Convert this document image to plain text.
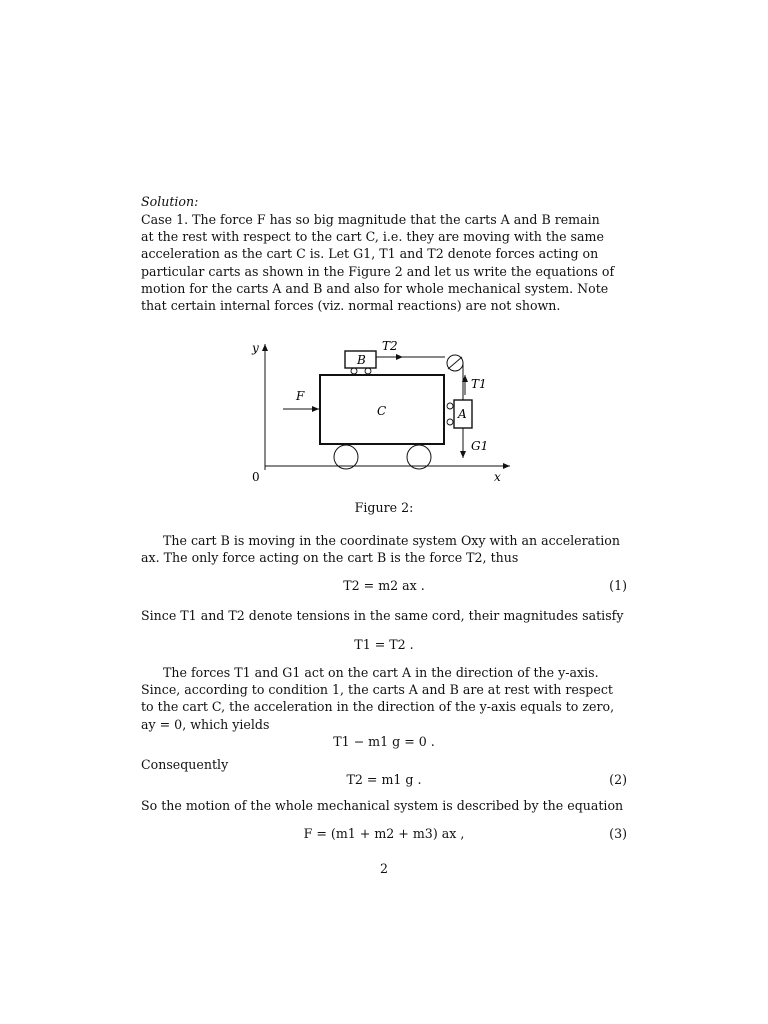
Solution:

Case 1. The force F has so big magnitude that the carts A and B remain
at the rest with respect to the cart C, i.e. they are moving with the same
acceleration as the cart C is. Let G1, T1 and T2 denote forces acting on
particular carts as shown in the Figure 2 and let us write the equations of
motion for the carts A and B and also for whole mechanical system. Note
that certain internal forces (viz. normal reactions) are not shown.
y
0	x
C
B
T2
T1
A
G1
F
Figure 2:
The cart B is moving in the coordinate system Oxy with an acceleration
ax. The only force acting on the cart B is the force T2, thus
T2 = m2 ax .	(1)
Since T1 and T2 denote tensions in the same cord, their magnitudes satisfy
T1 = T2 .
The forces T1 and G1 act on the cart A in the direction of the y-axis.
Since, according to condition 1, the carts A and B are at rest with respect
to the cart C, the acceleration in the direction of the y-axis equals to zero,
ay = 0, which yields
T1 − m1 g = 0 .
Consequently
T2 = m1 g .	(2)
So the motion of the whole mechanical system is described by the equation
F = (m1 + m2 + m3) ax ,	(3)
2
